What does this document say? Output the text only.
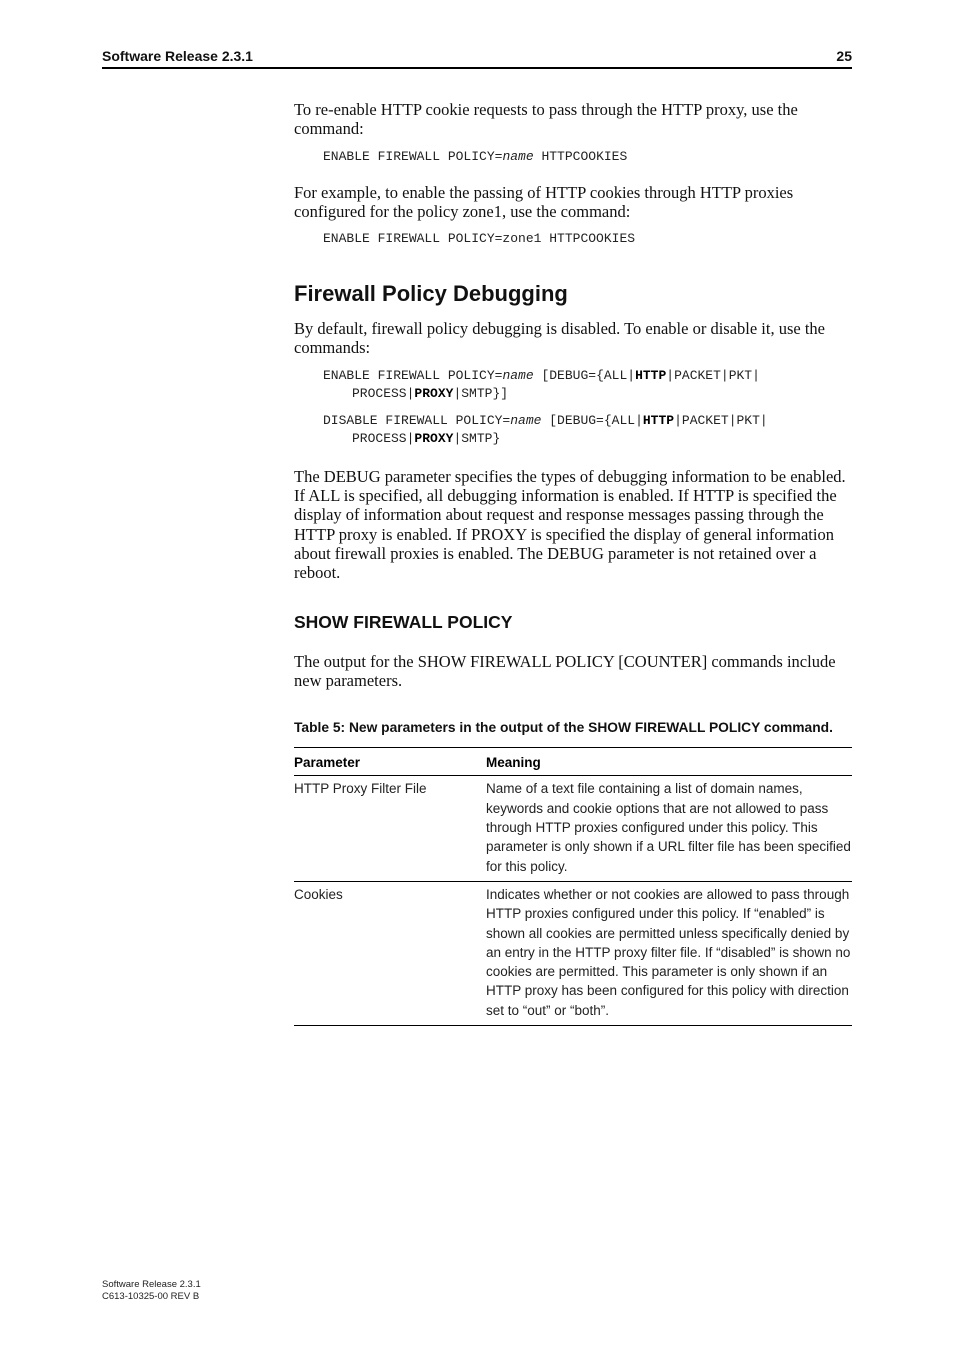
Software Release 2.3.1	25

To re-enable HTTP cookie requests to pass through the HTTP proxy, use the command:

ENABLE FIREWALL POLICY=name HTTPCOOKIES

For example, to enable the passing of HTTP cookies through HTTP proxies configured for the policy zone1, use the command:

ENABLE FIREWALL POLICY=zone1 HTTPCOOKIES
Firewall Policy Debugging

By default, firewall policy debugging is disabled. To enable or disable it, use the commands:

ENABLE FIREWALL POLICY=name [DEBUG={ALL|HTTP|PACKET|PKT|
PROCESS|PROXY|SMTP}]
DISABLE FIREWALL POLICY=name [DEBUG={ALL|HTTP|PACKET|PKT|
PROCESS|PROXY|SMTP}

The DEBUG parameter specifies the types of debugging information to be enabled. If ALL is specified, all debugging information is enabled. If HTTP is specified the display of information about request and response messages passing through the HTTP proxy is enabled. If PROXY is specified the display of general information about firewall proxies is enabled. The DEBUG parameter is not retained over a reboot.

SHOW FIREWALL POLICY

The output for the SHOW FIREWALL POLICY [COUNTER] commands include new parameters.

Table 5: New parameters in the output of the SHOW FIREWALL POLICY command.
Parameter	Meaning
HTTP Proxy Filter File	Name of a text file containing a list of domain names, keywords and cookie options that are not allowed to pass through HTTP proxies configured under this policy. This parameter is only shown if a URL filter file has been specified for this policy.
Cookies	Indicates whether or not cookies are allowed to pass through HTTP proxies configured under this policy. If “enabled” is shown all cookies are permitted unless specifically denied by an entry in the HTTP proxy filter file. If “disabled” is shown no cookies are permitted. This parameter is only shown if an HTTP proxy has been configured for this policy with direction set to “out” or “both”.
Software Release 2.3.1
C613-10325-00 REV B
